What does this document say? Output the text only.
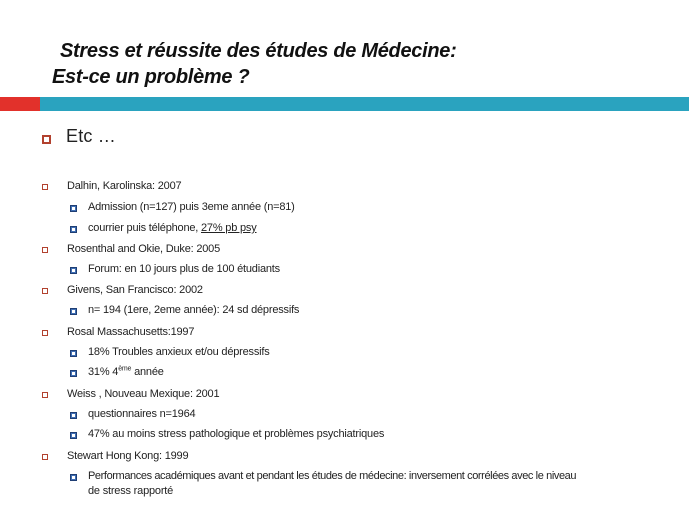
Stress et réussite des études de Médecine:
Est-ce un problème ?
Etc …
Dalhin, Karolinska: 2007
Admission (n=127) puis 3eme année (n=81)
courrier puis téléphone, 27% pb psy
Rosenthal and Okie, Duke: 2005
Forum: en 10 jours plus de 100 étudiants
Givens, San Francisco: 2002
n= 194 (1ere, 2eme année): 24 sd dépressifs
Rosal Massachusetts:1997
18% Troubles anxieux et/ou dépressifs
31% 4ème année
Weiss , Nouveau Mexique: 2001
questionnaires n=1964
47% au moins stress pathologique et problèmes psychiatriques
Stewart Hong Kong: 1999
Performances académiques avant et pendant les études de médecine: inversement corrélées avec le niveau
de stress rapporté
